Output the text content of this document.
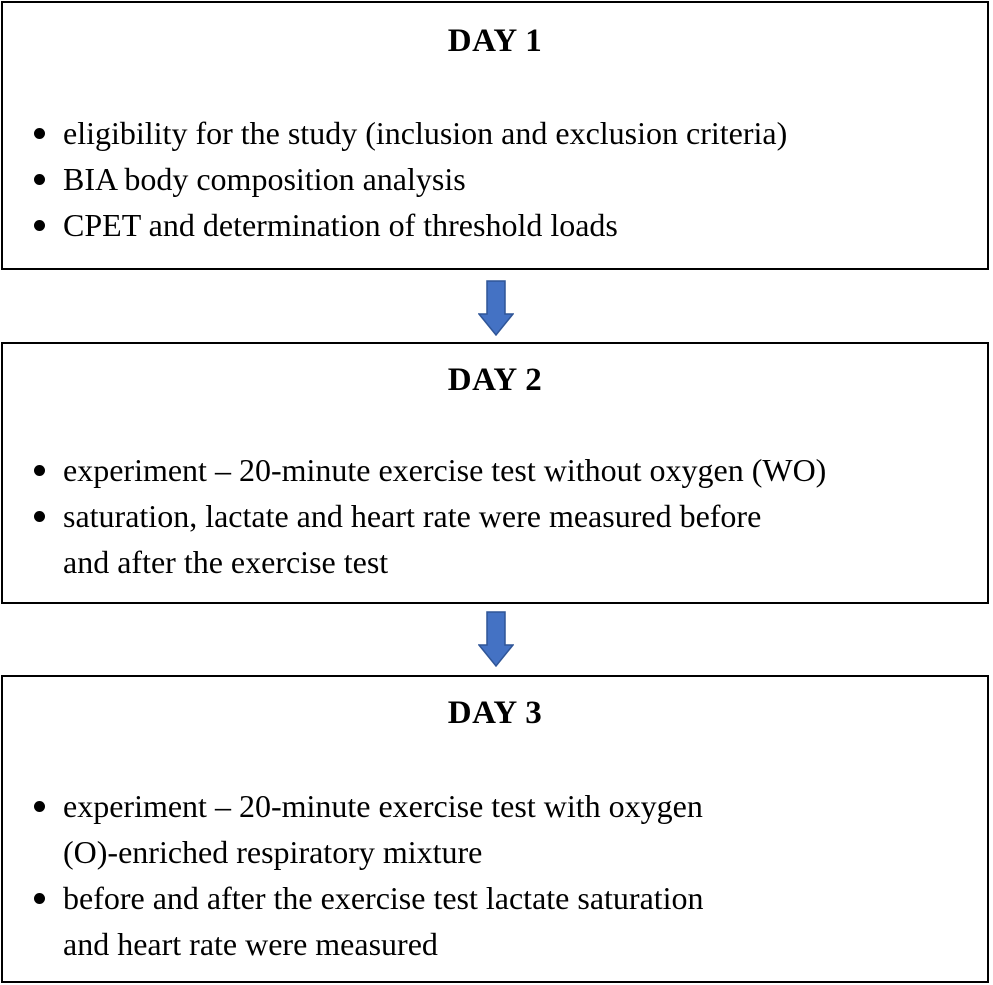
DAY 1
eligibility for the study (inclusion and exclusion criteria)
BIA body composition analysis
CPET and determination of threshold loads
DAY 2
experiment – 20-minute exercise test without oxygen (WO)
saturation, lactate and heart rate were measured before
and after the exercise test
DAY 3
experiment – 20-minute exercise test with oxygen
(O)-enriched respiratory mixture
before and after the exercise test lactate saturation
and heart rate were measured
